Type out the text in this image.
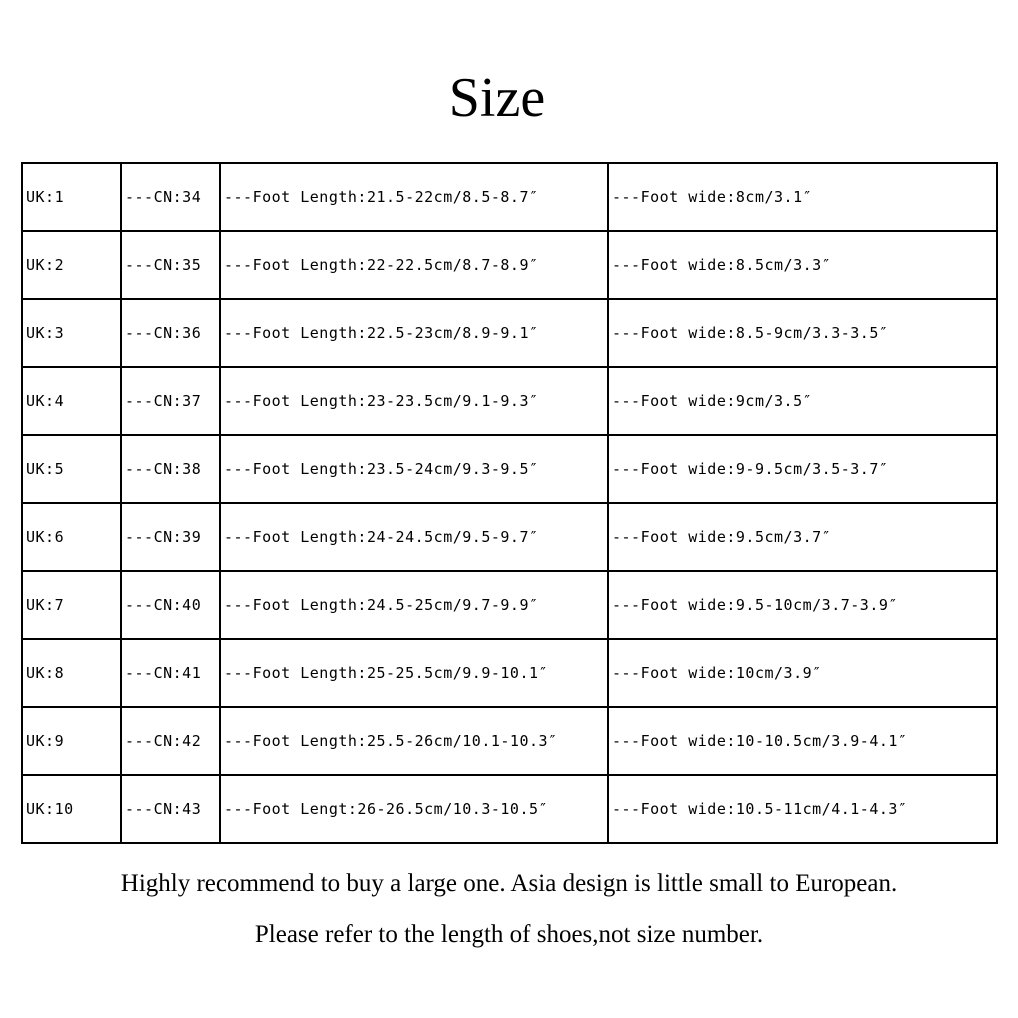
Size
UK:1	---CN:34	---Foot Length:21.5-22cm/8.5-8.7″	---Foot wide:8cm/3.1″
UK:2	---CN:35	---Foot Length:22-22.5cm/8.7-8.9″	---Foot wide:8.5cm/3.3″
UK:3	---CN:36	---Foot Length:22.5-23cm/8.9-9.1″	---Foot wide:8.5-9cm/3.3-3.5″
UK:4	---CN:37	---Foot Length:23-23.5cm/9.1-9.3″	---Foot wide:9cm/3.5″
UK:5	---CN:38	---Foot Length:23.5-24cm/9.3-9.5″	---Foot wide:9-9.5cm/3.5-3.7″
UK:6	---CN:39	---Foot Length:24-24.5cm/9.5-9.7″	---Foot wide:9.5cm/3.7″
UK:7	---CN:40	---Foot Length:24.5-25cm/9.7-9.9″	---Foot wide:9.5-10cm/3.7-3.9″
UK:8	---CN:41	---Foot Length:25-25.5cm/9.9-10.1″	---Foot wide:10cm/3.9″
UK:9	---CN:42	---Foot Length:25.5-26cm/10.1-10.3″	---Foot wide:10-10.5cm/3.9-4.1″
UK:10	---CN:43	---Foot Lengt:26-26.5cm/10.3-10.5″	---Foot wide:10.5-11cm/4.1-4.3″
Highly recommend to buy a large one. Asia design is little small to European.
Please refer to the length of shoes,not size number.
